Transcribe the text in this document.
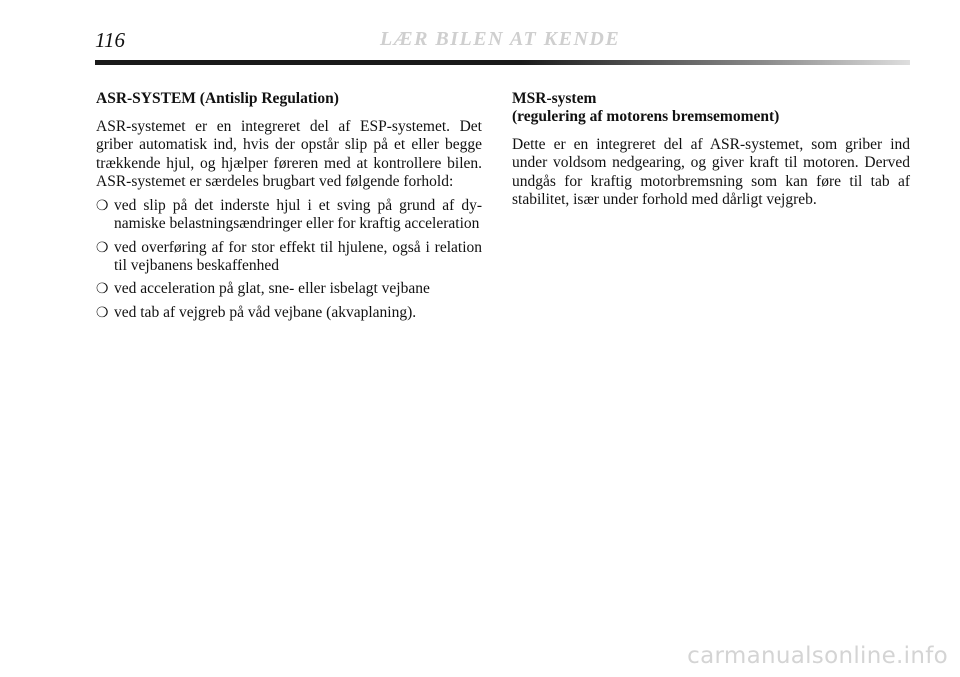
116	LÆR BILEN AT KENDE
ASR-SYSTEM (Antislip Regulation)

ASR-systemet er en integreret del af ESP-systemet. Det griber automatisk ind, hvis der opstår slip på et eller begge trækkende hjul, og hjælper føreren med at kontrollere bilen. ASR-systemet er særdeles brugbart ved følgende forhold:

❍ ved slip på det inderste hjul i et sving på grund af dynamiske belastningsændringer eller for kraftig acceleration
❍ ved overføring af for stor effekt til hjulene, også i relation til vejbanens beskaffenhed
❍ ved acceleration på glat, sne- eller isbelagt vejbane
❍ ved tab af vejgreb på våd vejbane (akvaplaning).
MSR-system
(regulering af motorens bremsemoment)

Dette er en integreret del af ASR-systemet, som griber ind under voldsom nedgearing, og giver kraft til motoren. Derved undgås for kraftig motorbremsning som kan føre til tab af stabilitet, især under forhold med dårligt vejgreb.

carmanualsonline.info
